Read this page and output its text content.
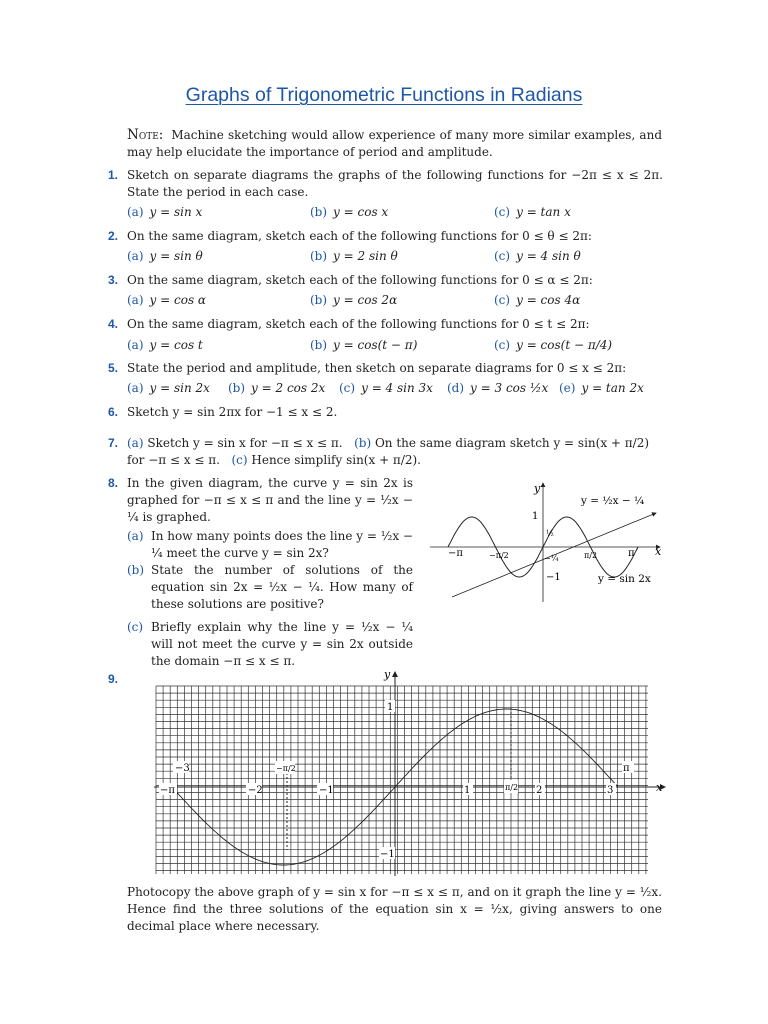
Graphs of Trigonometric Functions in Radians
Note: Machine sketching would allow experience of many more similar examples, and may help elucidate the importance of period and amplitude.
1. Sketch on separate diagrams the graphs of the following functions for −2π ≤ x ≤ 2π. State the period in each case.
(a) y = sin x	(b) y = cos x	(c) y = tan x
2. On the same diagram, sketch each of the following functions for 0 ≤ θ ≤ 2π:
(a) y = sin θ	(b) y = 2 sin θ	(c) y = 4 sin θ
3. On the same diagram, sketch each of the following functions for 0 ≤ α ≤ 2π:
(a) y = cos α	(b) y = cos 2α	(c) y = cos 4α
4. On the same diagram, sketch each of the following functions for 0 ≤ t ≤ 2π:
(a) y = cos t	(b) y = cos(t − π)	(c) y = cos(t − π/4)
5. State the period and amplitude, then sketch on separate diagrams for 0 ≤ x ≤ 2π:
(a) y = sin 2x (b) y = 2 cos 2x (c) y = 4 sin 3x (d) y = 3 cos ½x (e) y = tan 2x
6. Sketch y = sin 2πx for −1 ≤ x ≤ 2.
7. (a) Sketch y = sin x for −π ≤ x ≤ π. (b) On the same diagram sketch y = sin(x + π/2)
for −π ≤ x ≤ π. (c) Hence simplify sin(x + π/2).
8. In the given diagram, the curve y = sin 2x is graphed for −π ≤ x ≤ π and the line y = ½x − ¼ is graphed.
(a) In how many points does the line y = ½x − ¼ meet the curve y = sin 2x?
(b) State the number of solutions of the equation sin 2x = ½x − ¼. How many of these solutions are positive?
(c) Briefly explain why the line y = ½x − ¼ will not meet the curve y = sin 2x outside the domain −π ≤ x ≤ π.
x
y
y = ½x − ¼
y = sin 2x
−π	−π/2	π/2	π
1
−1
½
−¼
9.
−3
−2	−1	1	2	3
−π
−π/2
π/2
π
1
−1
y
x
Photocopy the above graph of y = sin x for −π ≤ x ≤ π, and on it graph the line y = ½x. Hence find the three solutions of the equation sin x = ½x, giving answers to one decimal place where necessary.
